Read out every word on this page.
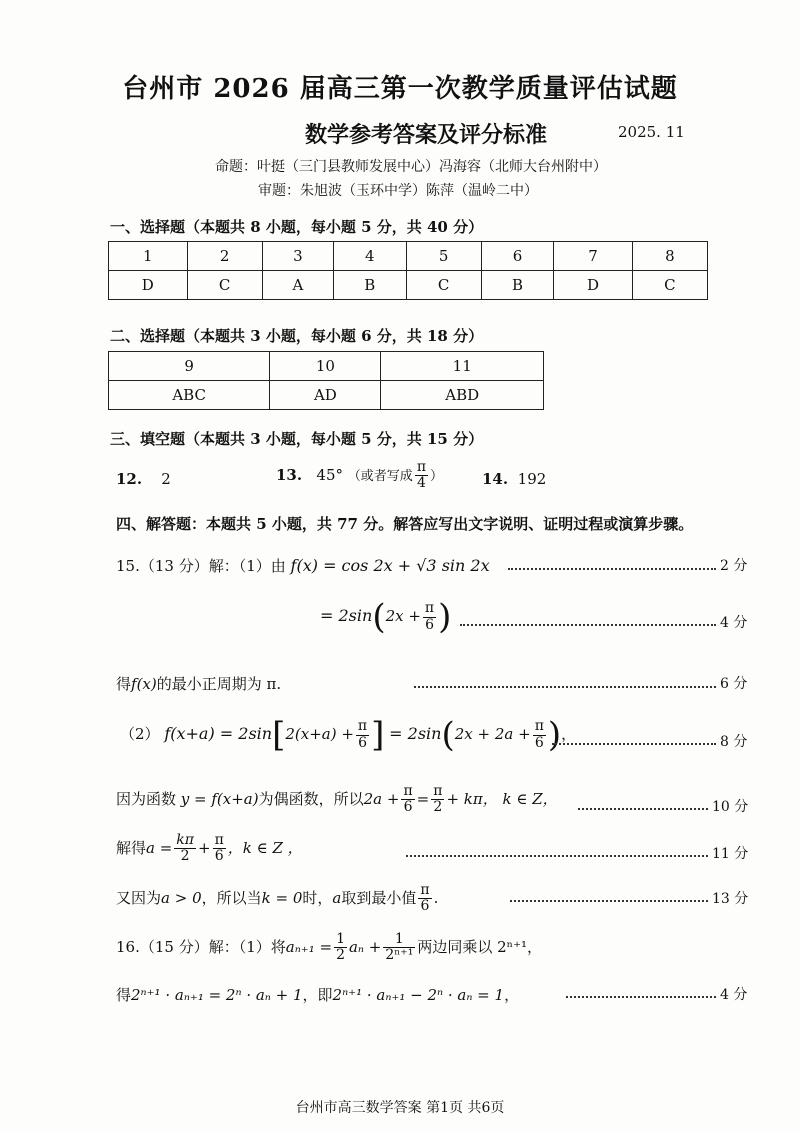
台州市 2026 届高三第一次教学质量评估试题
数学参考答案及评分标准	2025. 11
命题：叶挺（三门县教师发展中心）冯海容（北师大台州附中）
审题：朱旭波（玉环中学）陈萍（温岭二中）
一、选择题（本题共 8 小题，每小题 5 分，共 40 分）
1	2	3	4	5	6	7	8
D	C	A	B	C	B	D	C
二、选择题（本题共 3 小题，每小题 6 分，共 18 分）
9	10	11
ABC	AD	ABD
三、填空题（本题共 3 小题，每小题 5 分，共 15 分）
12. 2	13. 45° （或者写成 $\frac{\pi}{4}$ ）	14. 192
四、解答题：本题共 5 小题，共 77 分。解答应写出文字说明、证明过程或演算步骤。
15.（13 分）解：（1）由 f(x) = cos 2x + √3 sin 2x	2 分
= $2\sin(2x + \frac{\pi}{6}$ )	4 分
得f(x)的最小正周期为 π.	6 分
（2） $f(x+a) = 2\sin[2(x+a) + \frac{\pi}{6}$ ] = $2\sin(2x + 2a + \frac{\pi}{6}$ )，	8 分
因为函数 y = f(x+a)为偶函数，所以$2a + \frac{\pi}{6} = \frac{\pi}{2} + k\pi$， k ∈ Z，	10 分
解得$a = \frac{k\pi}{2} + \frac{\pi}{6}$ ，k ∈ Z ，	11 分
又因为a > 0，所以当k = 0时，a取到最小值 $\frac{\pi}{6}$ .	13 分
16.（15 分）解：（1）将$a_{n+1} = \frac{1}{2}$ $a_n + \frac{1}{\text{2ⁿ⁺¹}}$ 两边同乘以 2ⁿ⁺¹，
得2ⁿ⁺¹ · aₙ₊₁ = 2ⁿ · aₙ + 1，即2ⁿ⁺¹ · aₙ₊₁ − 2ⁿ · aₙ = 1，	4 分
台州市高三数学答案 第1页 共6页
